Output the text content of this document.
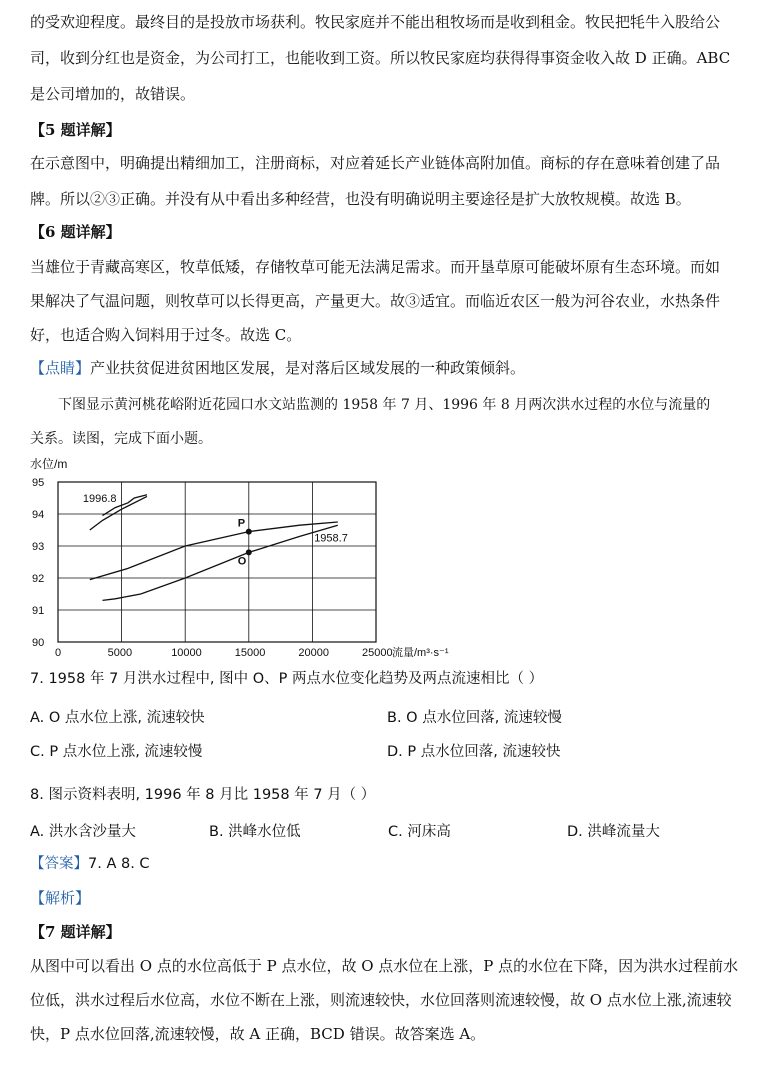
的受欢迎程度。最终目的是投放市场获利。牧民家庭并不能出租牧场而是收到租金。牧民把牦牛入股给公
司，收到分红也是资金，为公司打工，也能收到工资。所以牧民家庭均获得得事资金收入故 D 正确。ABC
是公司增加的，故错误。
【5 题详解】
在示意图中，明确提出精细加工，注册商标，对应着延长产业链体高附加值。商标的存在意味着创建了品
牌。所以②③正确。并没有从中看出多种经营，也没有明确说明主要途径是扩大放牧规模。故选 B。
【6 题详解】
当雄位于青藏高寒区，牧草低矮，存储牧草可能无法满足需求。而开垦草原可能破坏原有生态环境。而如
果解决了气温问题，则牧草可以长得更高，产量更大。故③适宜。而临近农区一般为河谷农业，水热条件
好，也适合购入饲料用于过冬。故选 C。
【点睛】产业扶贫促进贫困地区发展，是对落后区域发展的一种政策倾斜。
下图显示黄河桃花峪附近花园口水文站监测的 1958 年 7 月、1996 年 8 月两次洪水过程的水位与流量的
关系。读图，完成下面小题。
水位/m
流量/m³·s⁻¹
1958.7
1996.8
P
O
0	5000	10000	15000	20000	25000
90
91
92
93
94
95
7. 1958 年 7 月洪水过程中, 图中 O、P 两点水位变化趋势及两点流速相比（ ）
A. O 点水位上涨, 流速较快	B. O 点水位回落, 流速较慢
C. P 点水位上涨, 流速较慢	D. P 点水位回落, 流速较快
8. 图示资料表明, 1996 年 8 月比 1958 年 7 月（ ）
A. 洪水含沙量大	B. 洪峰水位低	C. 河床高	D. 洪峰流量大
【答案】7. A 8. C
【解析】
【7 题详解】
从图中可以看出 O 点的水位高低于 P 点水位，故 O 点水位在上涨，P 点的水位在下降，因为洪水过程前水
位低，洪水过程后水位高，水位不断在上涨，则流速较快，水位回落则流速较慢，故 O 点水位上涨,流速较
快，P 点水位回落,流速较慢，故 A 正确，BCD 错误。故答案选 A。
